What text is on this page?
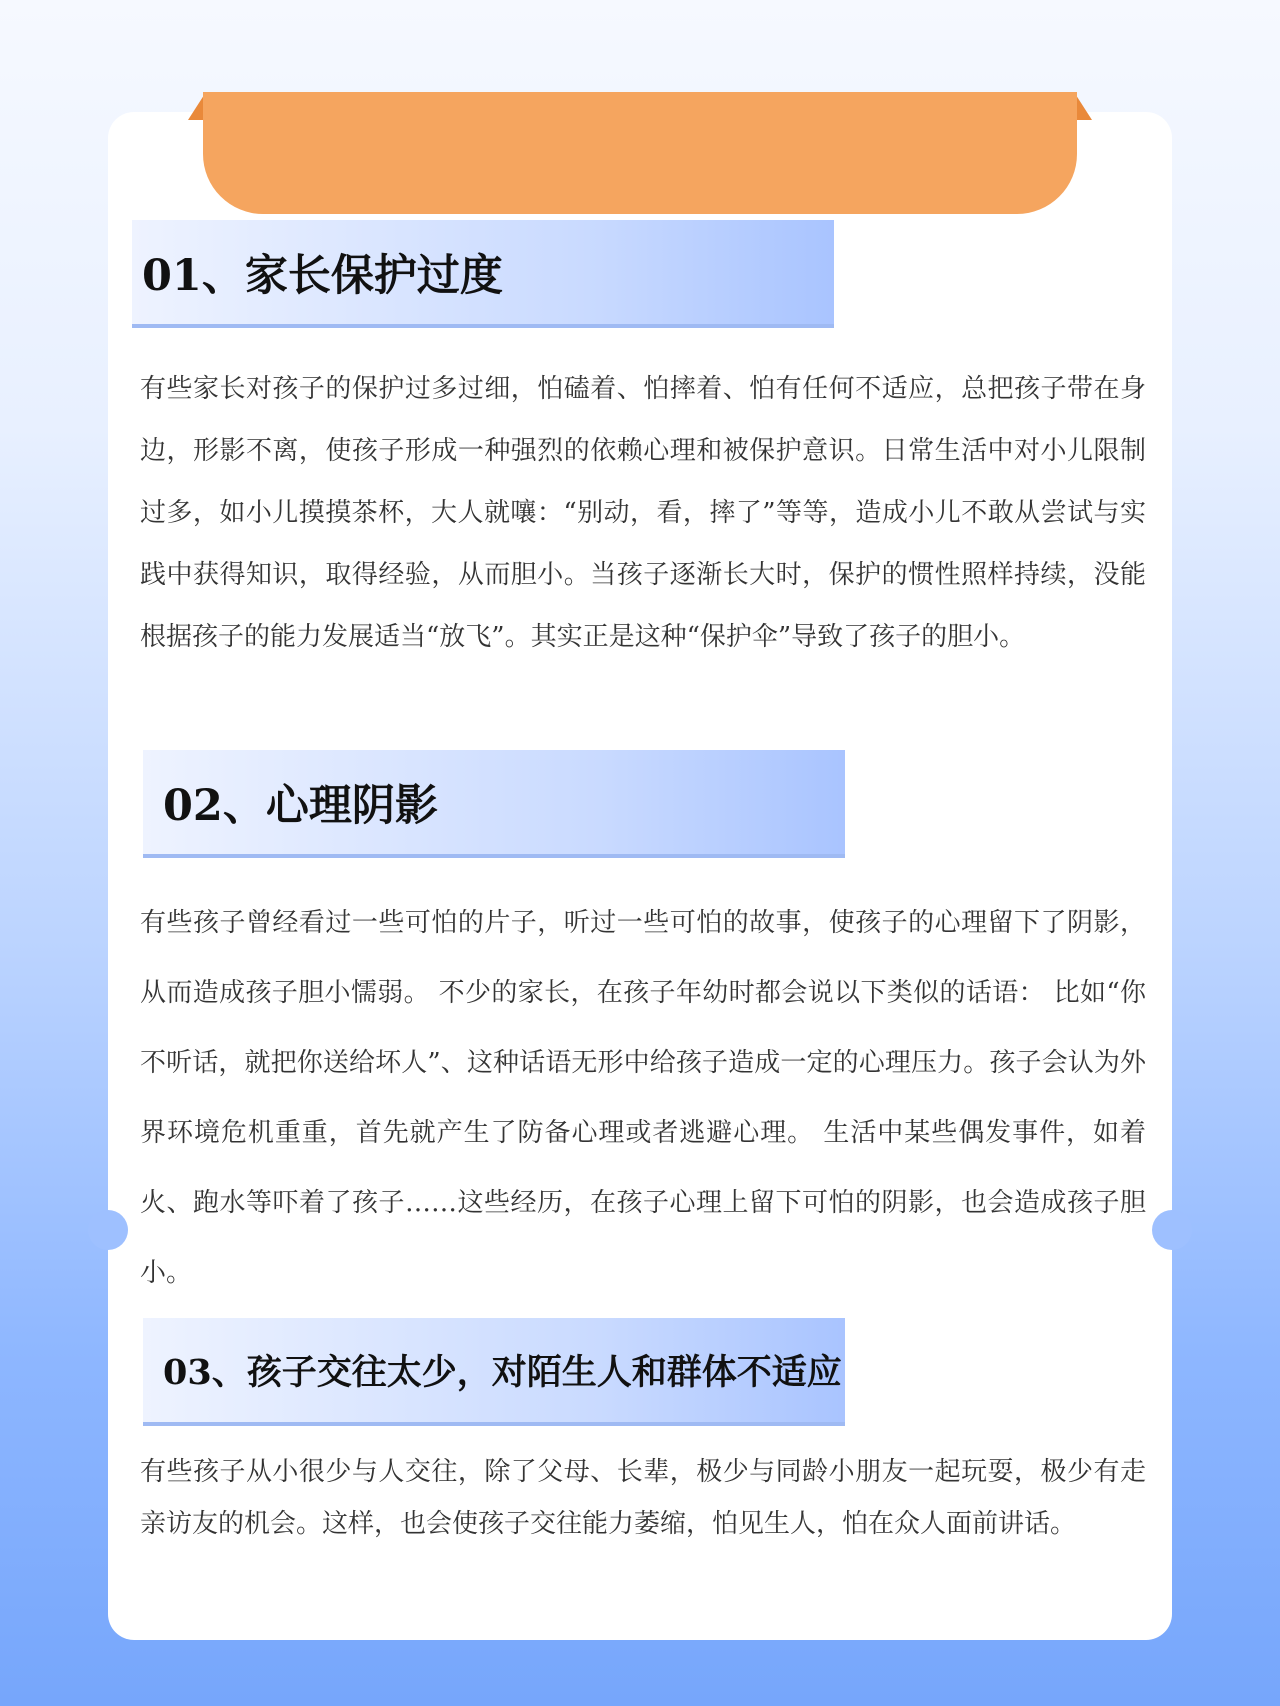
01、家长保护过度

有些家长对孩子的保护过多过细，怕磕着、怕摔着、怕有任何不适应，总把孩子带在身边，形影不离，使孩子形成一种强烈的依赖心理和被保护意识。日常生活中对小儿限制过多，如小儿摸摸茶杯，大人就嚷：“别动，看，摔了”等等，造成小儿不敢从尝试与实践中获得知识，取得经验，从而胆小。当孩子逐渐长大时，保护的惯性照样持续，没能根据孩子的能力发展适当“放飞”。其实正是这种“保护伞”导致了孩子的胆小。

02、心理阴影

有些孩子曾经看过一些可怕的片子，听过一些可怕的故事，使孩子的心理留下了阴影，从而造成孩子胆小懦弱。 不少的家长，在孩子年幼时都会说以下类似的话语： 比如“你不听话，就把你送给坏人”、这种话语无形中给孩子造成一定的心理压力。孩子会认为外界环境危机重重，首先就产生了防备心理或者逃避心理。 生活中某些偶发事件，如着火、跑水等吓着了孩子……这些经历，在孩子心理上留下可怕的阴影，也会造成孩子胆小。

03、孩子交往太少，对陌生人和群体不适应

有些孩子从小很少与人交往，除了父母、长辈，极少与同龄小朋友一起玩耍，极少有走亲访友的机会。这样，也会使孩子交往能力萎缩，怕见生人，怕在众人面前讲话。
